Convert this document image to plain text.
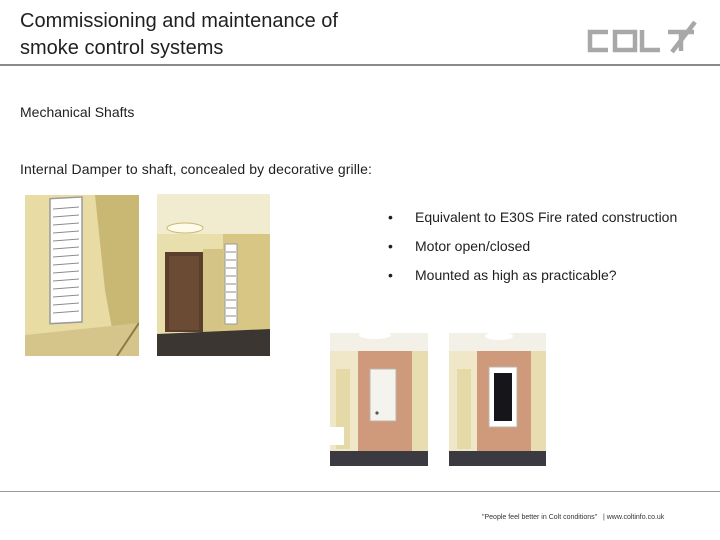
Commissioning and maintenance of
smoke control systems
Mechanical Shafts
Internal Damper to shaft, concealed by decorative grille:
• Equivalent to E30S Fire rated construction
• Motor open/closed
• Mounted as high as practicable?
"People feel better in Colt conditions" | www.coltinfo.co.uk
